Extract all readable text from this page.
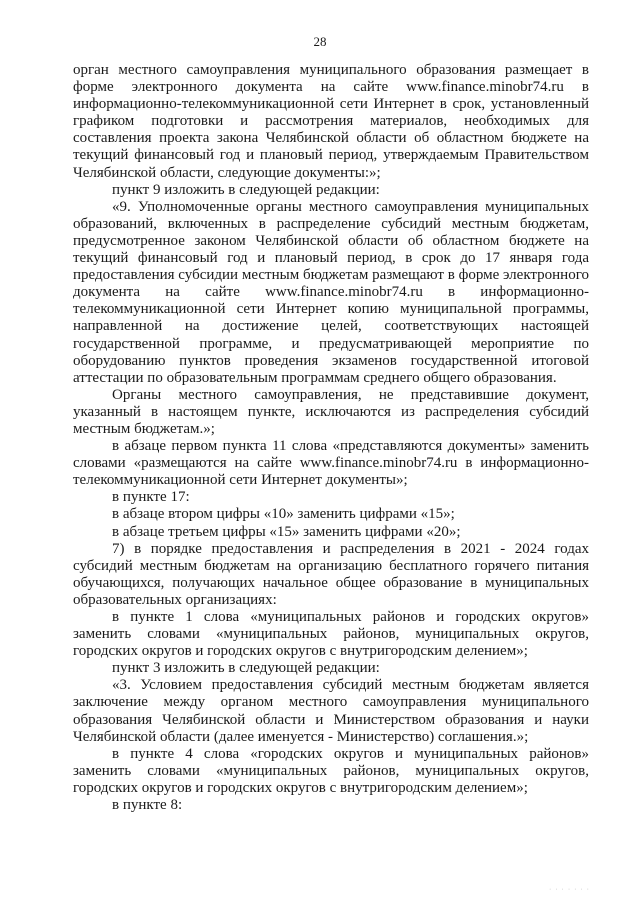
28

орган местного самоуправления муниципального образования размещает в форме электронного документа на сайте www.finance.minobr74.ru в информационно-телекоммуникационной сети Интернет в срок, установленный графиком подготовки и рассмотрения материалов, необходимых для составления проекта закона Челябинской области об областном бюджете на текущий финансовый год и плановый период, утверждаемым Правительством Челябинской области, следующие документы:»;

пункт 9 изложить в следующей редакции:

«9. Уполномоченные органы местного самоуправления муниципальных образований, включенных в распределение субсидий местным бюджетам, предусмотренное законом Челябинской области об областном бюджете на текущий финансовый год и плановый период, в срок до 17 января года предоставления субсидии местным бюджетам размещают в форме электронного документа на сайте www.finance.minobr74.ru в информационно-телекоммуникационной сети Интернет копию муниципальной программы, направленной на достижение целей, соответствующих настоящей государственной программе, и предусматривающей мероприятие по оборудованию пунктов проведения экзаменов государственной итоговой аттестации по образовательным программам среднего общего образования.

Органы местного самоуправления, не представившие документ, указанный в настоящем пункте, исключаются из распределения субсидий местным бюджетам.»;

в абзаце первом пункта 11 слова «представляются документы» заменить словами «размещаются на сайте www.finance.minobr74.ru в информационно-телекоммуникационной сети Интернет документы»;

в пункте 17:

в абзаце втором цифры «10» заменить цифрами «15»;

в абзаце третьем цифры «15» заменить цифрами «20»;

7) в порядке предоставления и распределения в 2021 - 2024 годах субсидий местным бюджетам на организацию бесплатного горячего питания обучающихся, получающих начальное общее образование в муниципальных образовательных организациях:

в пункте 1 слова «муниципальных районов и городских округов» заменить словами «муниципальных районов, муниципальных округов, городских округов и городских округов с внутригородским делением»;

пункт 3 изложить в следующей редакции:

«3. Условием предоставления субсидий местным бюджетам является заключение между органом местного самоуправления муниципального образования Челябинской области и Министерством образования и науки Челябинской области (далее именуется - Министерство) соглашения.»;

в пункте 4 слова «городских округов и муниципальных районов» заменить словами «муниципальных районов, муниципальных округов, городских округов и городских округов с внутригородским делением»;

в пункте 8:

· · · · · · ·
